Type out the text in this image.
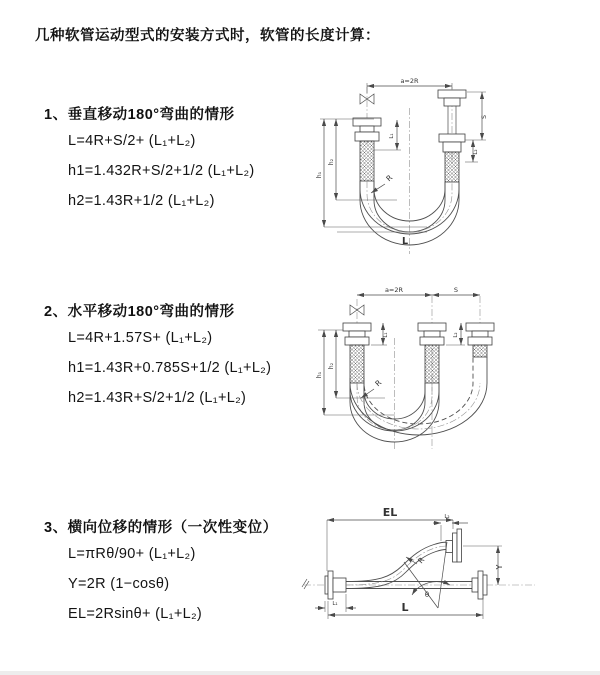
几种软管运动型式的安装方式时，软管的长度计算：
1、垂直移动180°弯曲的情形
L=4R+S/2+ (L₁+L₂)
h1=1.432R+S/2+1/2 (L₁+L₂)
h2=1.43R+1/2 (L₁+L₂)
2、水平移动180°弯曲的情形
L=4R+1.57S+ (L₁+L₂)
h1=1.43R+0.785S+1/2 (L₁+L₂)
h2=1.43R+S/2+1/2 (L₁+L₂)
3、横向位移的情形（一次性变位）
L=πRθ/90+ (L₁+L₂)
Y=2R (1−cosθ)
EL=2Rsinθ+ (L₁+L₂)
a=2R
h₁
h₂
L₁
S
L₂
R
L
a=2R	S
h₁
h₂
L₁	L₂
R
EL	L₂
Y
θ
R
L₁	L
